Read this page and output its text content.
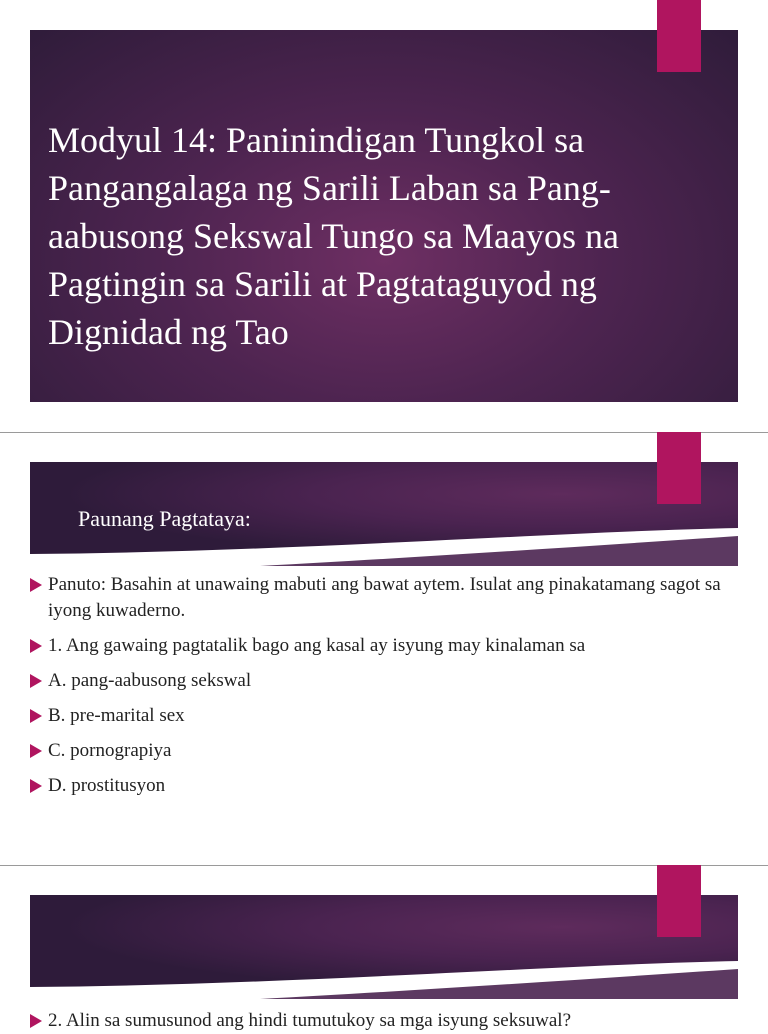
Modyul 14: Paninindigan Tungkol sa Pangangalaga ng Sarili Laban sa Pang-aabusong Sekswal Tungo sa Maayos na Pagtingin sa Sarili at Pagtataguyod ng Dignidad ng Tao
Paunang Pagtataya:
Panuto: Basahin at unawaing mabuti ang bawat aytem. Isulat ang pinakatamang sagot sa iyong kuwaderno.
1. Ang gawaing pagtatalik bago ang kasal ay isyung may kinalaman sa
A. pang-aabusong sekswal
B. pre-marital sex
C. pornograpiya
D. prostitusyon
2. Alin sa sumusunod ang hindi tumutukoy sa mga isyung seksuwal?
